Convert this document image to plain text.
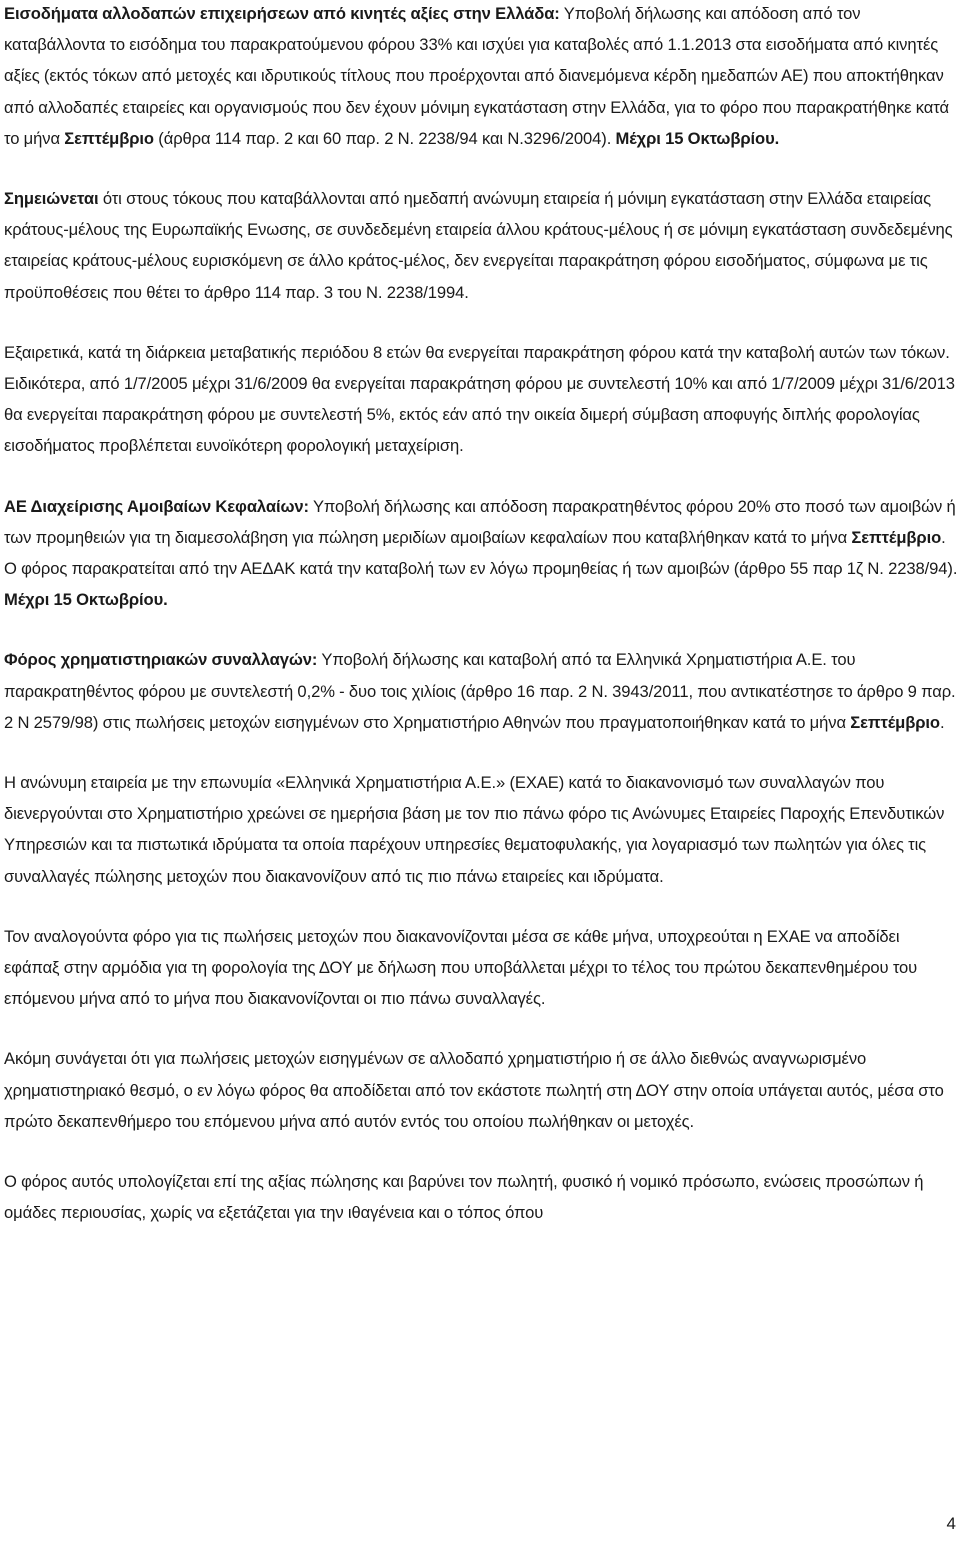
Εισοδήματα αλλοδαπών επιχειρήσεων από κινητές αξίες στην Ελλάδα: Υποβολή δήλωσης και απόδοση από τον καταβάλλοντα το εισόδημα του παρακρατούμενου φόρου 33% και ισχύει για καταβολές από 1.1.2013 στα εισοδήματα από κινητές αξίες (εκτός τόκων από μετοχές και ιδρυτικούς τίτλους που προέρχονται από διανεμόμενα κέρδη ημεδαπών ΑΕ) που αποκτήθηκαν από αλλοδαπές εταιρείες και οργανισμούς που δεν έχουν μόνιμη εγκατάσταση στην Ελλάδα, για το φόρο που παρακρατήθηκε κατά το μήνα Σεπτέμβριο (άρθρα 114 παρ. 2 και 60 παρ. 2 Ν. 2238/94 και Ν.3296/2004). Μέχρι 15 Οκτωβρίου.

Σημειώνεται ότι στους τόκους που καταβάλλονται από ημεδαπή ανώνυμη εταιρεία ή μόνιμη εγκατάσταση στην Ελλάδα εταιρείας κράτους-μέλους της Ευρωπαϊκής Ενωσης, σε συνδεδεμένη εταιρεία άλλου κράτους-μέλους ή σε μόνιμη εγκατάσταση συνδεδεμένης εταιρείας κράτους-μέλους ευρισκόμενη σε άλλο κράτος-μέλος, δεν ενεργείται παρακράτηση φόρου εισοδήματος, σύμφωνα με τις προϋποθέσεις που θέτει το άρθρο 114 παρ. 3 του Ν. 2238/1994.

Εξαιρετικά, κατά τη διάρκεια μεταβατικής περιόδου 8 ετών θα ενεργείται παρακράτηση φόρου κατά την καταβολή αυτών των τόκων. Ειδικότερα, από 1/7/2005 μέχρι 31/6/2009 θα ενεργείται παρακράτηση φόρου με συντελεστή 10% και από 1/7/2009 μέχρι 31/6/2013 θα ενεργείται παρακράτηση φόρου με συντελεστή 5%, εκτός εάν από την οικεία διμερή σύμβαση αποφυγής διπλής φορολογίας εισοδήματος προβλέπεται ευνοϊκότερη φορολογική μεταχείριση.

ΑΕ Διαχείρισης Αμοιβαίων Κεφαλαίων: Υποβολή δήλωσης και απόδοση παρακρατηθέντος φόρου 20% στο ποσό των αμοιβών ή των προμηθειών για τη διαμεσολάβηση για πώληση μεριδίων αμοιβαίων κεφαλαίων που καταβλήθηκαν κατά το μήνα Σεπτέμβριο. Ο φόρος παρακρατείται από την ΑΕΔΑΚ κατά την καταβολή των εν λόγω προμηθείας ή των αμοιβών (άρθρο 55 παρ 1ζ Ν. 2238/94). Μέχρι 15 Οκτωβρίου.

Φόρος χρηματιστηριακών συναλλαγών: Υποβολή δήλωσης και καταβολή από τα Ελληνικά Χρηματιστήρια Α.Ε. του παρακρατηθέντος φόρου με συντελεστή 0,2% - δυο τοις χιλίοις (άρθρο 16 παρ. 2 Ν. 3943/2011, που αντικατέστησε το άρθρο 9 παρ. 2 Ν 2579/98) στις πωλήσεις μετοχών εισηγμένων στο Χρηματιστήριο Αθηνών που πραγματοποιήθηκαν κατά το μήνα Σεπτέμβριο.

Η ανώνυμη εταιρεία με την επωνυμία «Ελληνικά Χρηματιστήρια Α.Ε.» (ΕΧΑΕ) κατά το διακανονισμό των συναλλαγών που διενεργούνται στο Χρηματιστήριο χρεώνει σε ημερήσια βάση με τον πιο πάνω φόρο τις Ανώνυμες Εταιρείες Παροχής Επενδυτικών Υπηρεσιών και τα πιστωτικά ιδρύματα τα οποία παρέχουν υπηρεσίες θεματοφυλακής, για λογαριασμό των πωλητών για όλες τις συναλλαγές πώλησης μετοχών που διακανονίζουν από τις πιο πάνω εταιρείες και ιδρύματα.

Τον αναλογούντα φόρο για τις πωλήσεις μετοχών που διακανονίζονται μέσα σε κάθε μήνα, υποχρεούται η ΕΧΑΕ να αποδίδει εφάπαξ στην αρμόδια για τη φορολογία της ΔΟΥ με δήλωση που υποβάλλεται μέχρι το τέλος του πρώτου δεκαπενθημέρου του επόμενου μήνα από το μήνα που διακανονίζονται οι πιο πάνω συναλλαγές.

Ακόμη συνάγεται ότι για πωλήσεις μετοχών εισηγμένων σε αλλοδαπό χρηματιστήριο ή σε άλλο διεθνώς αναγνωρισμένο χρηματιστηριακό θεσμό, ο εν λόγω φόρος θα αποδίδεται από τον εκάστοτε πωλητή στη ΔΟΥ στην οποία υπάγεται αυτός, μέσα στο πρώτο δεκαπενθήμερο του επόμενου μήνα από αυτόν εντός του οποίου πωλήθηκαν οι μετοχές.

Ο φόρος αυτός υπολογίζεται επί της αξίας πώλησης και βαρύνει τον πωλητή, φυσικό ή νομικό πρόσωπο, ενώσεις προσώπων ή ομάδες περιουσίας, χωρίς να εξετάζεται για την ιθαγένεια και ο τόπος όπου

4
